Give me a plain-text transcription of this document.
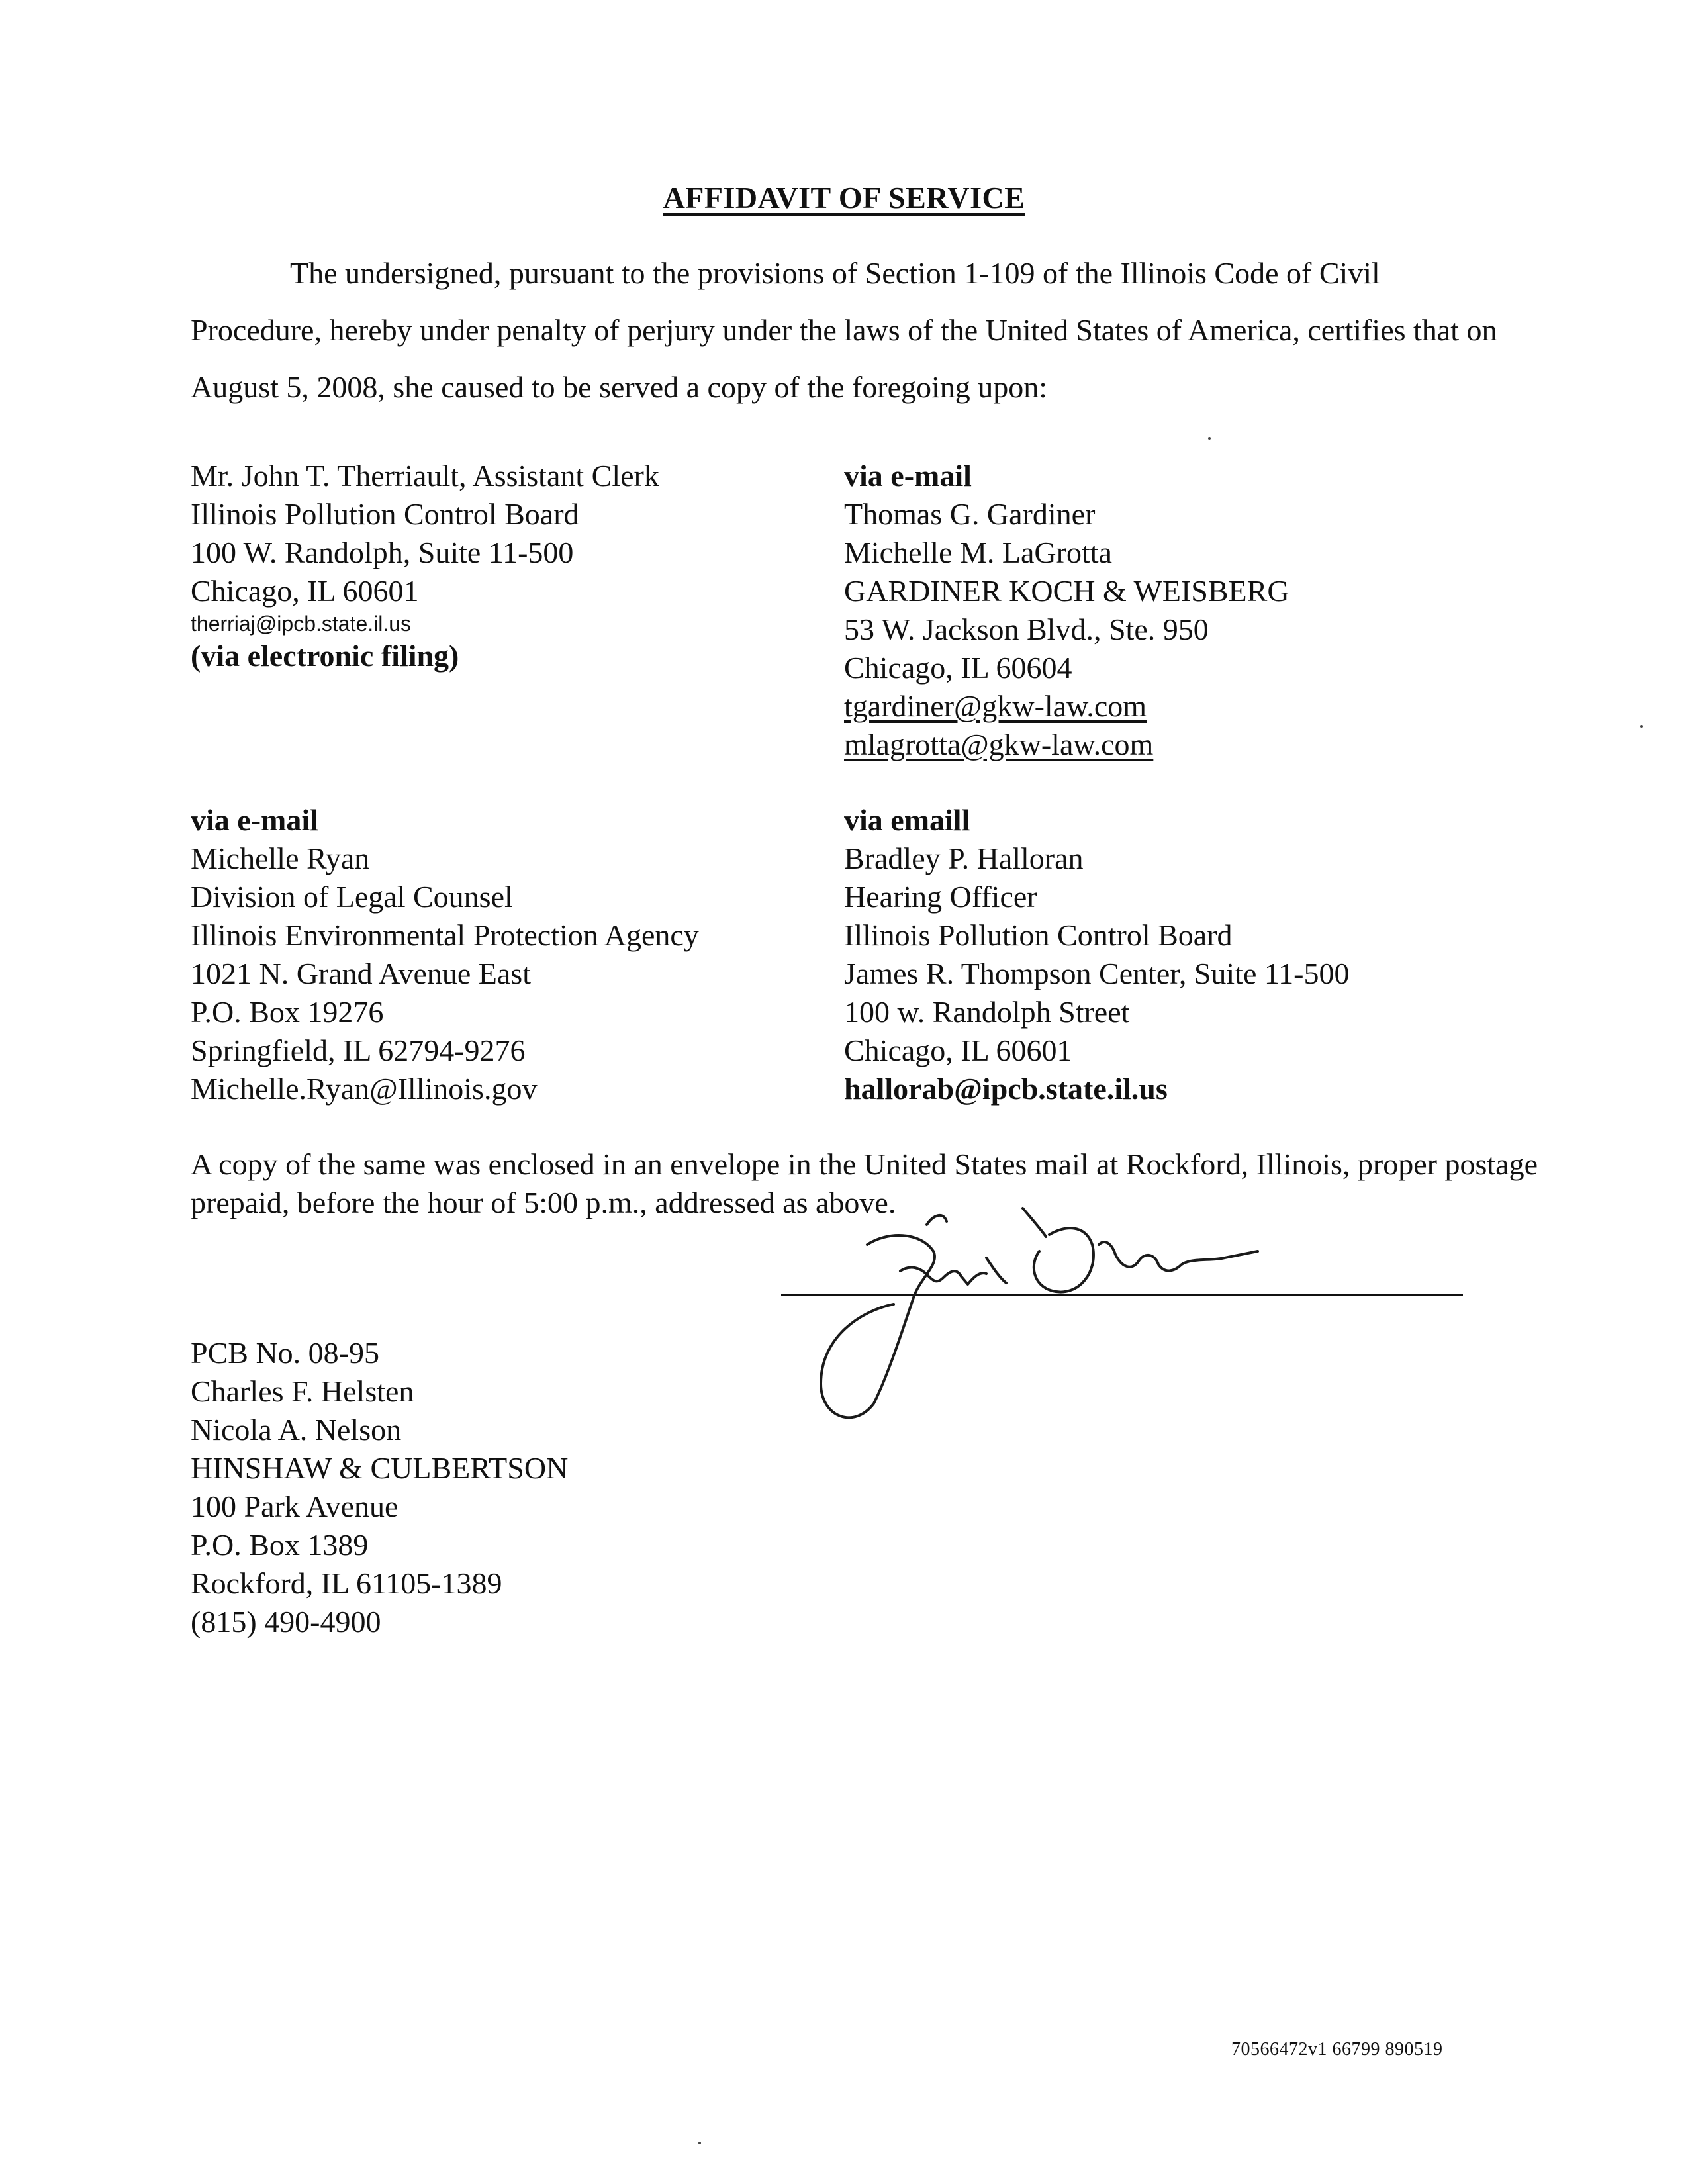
AFFIDAVIT OF SERVICE
The undersigned, pursuant to the provisions of Section 1-109 of the Illinois Code of Civil Procedure, hereby under penalty of perjury under the laws of the United States of America, certifies that on August 5, 2008, she caused to be served a copy of the foregoing upon:
Mr. John T. Therriault, Assistant Clerk
Illinois Pollution Control Board
100 W. Randolph, Suite 11-500
Chicago, IL 60601
therriaj@ipcb.state.il.us
(via electronic filing)
via e-mail
Thomas G. Gardiner
Michelle M. LaGrotta
GARDINER KOCH & WEISBERG
53 W. Jackson Blvd., Ste. 950
Chicago, IL 60604
tgardiner@gkw-law.com
mlagrotta@gkw-law.com
via e-mail
Michelle Ryan
Division of Legal Counsel
Illinois Environmental Protection Agency
1021 N. Grand Avenue East
P.O. Box 19276
Springfield, IL 62794-9276
Michelle.Ryan@Illinois.gov
via emaill
Bradley P. Halloran
Hearing Officer
Illinois Pollution Control Board
James R. Thompson Center, Suite 11-500
100 w. Randolph Street
Chicago, IL 60601
hallorab@ipcb.state.il.us
A copy of the same was enclosed in an envelope in the United States mail at Rockford, Illinois, proper postage prepaid, before the hour of 5:00 p.m., addressed as above.
Joan Lane
PCB No. 08-95
Charles F. Helsten
Nicola A. Nelson
HINSHAW & CULBERTSON
100 Park Avenue
P.O. Box 1389
Rockford, IL 61105-1389
(815) 490-4900
70566472v1 66799 890519
